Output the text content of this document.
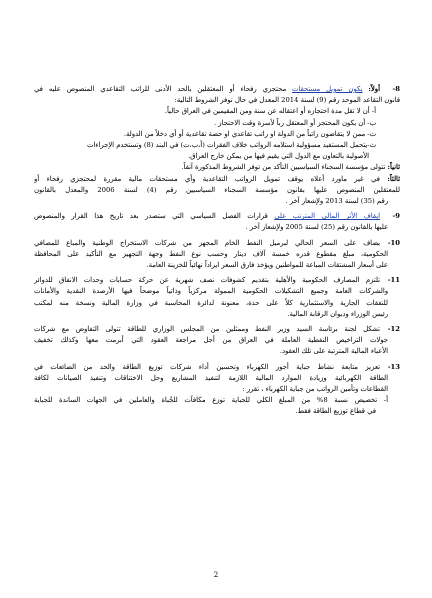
8-أولاً: يكون تمويل مستحقات محتجزي رفحاء أو المعتقلين بالحد الأدنى للراتب التقاعدي المنصوص عليه في
قانون التقاعد الموحد رقم (9) لسنة 2014 المعدل في حال توفر الشروط التالية:
أ- أن لا تقل مدة احتجازه أو اعتقاله عن سنة ومن المقيمين في العراق حالياً.
ب- أن يكون المحتجز أو المعتقل رباً لأسرة وقت الاحتجاز .
ت- ممن لا يتقاضون راتباً من الدولة او راتب تقاعدي او حصة تقاعدية أو أي دخلاً من الدولة.
ث-يتحمل المستفيد مسؤولية استلامه الرواتب خلاف الفقرات (أ،ب،ت) في البند (8) وتستخدم الإجراءات
الأصولية بالتعاون مع الدول التي يقيم فيها من يمكن خارج العراق.
ثانياً: تتولى مؤسسة السجناء السياسيين التأكد من توفر الشروط المذكورة آنفاً.
ثالثاً: في غير ماورد أعلاه يوقف تمويل الرواتب التقاعدية وأي مستحقات مالية مقررة لمحتجزي رفحاء أو
للمعتقلين المنصوص عليها بقانون مؤسسة السجناء السياسيين رقم (4) لسنة 2006 والمعدل بالقانون
رقم (35) لسنة 2013 ولإشعار آخر .
9-إيقاف الأثر المالي المترتب على قرارات الفصل السياسي التي ستصدر بعد تاريخ هذا القرار والمنصوص
عليها بالقانون رقم (25) لسنة 2005 ولإشعار آخر .
10-يضاف على السعر الحالي لبرميل النفط الخام المجهز من شركات الاستخراج الوطنية والمباع للمصافي
الحكومية، مبلغ مقطوع قدره خمسة آلاف دينار وحسب نوع النفط وجهة التجهيز مع التأكيد على المحافظة
على أسعار المشتقات المباعة للمواطنين ويؤخذ فارق السعر ايراداً نهائياً للخزينة العامة.
11-تلتزم المصارف الحكومية والأهلية بتقديم كشوفات نصف شهرية عن حركة حسابات وحدات الانفاق للدوائر
والشركات العامة وجميع التشكيلات الحكومية الممولة مركزياً وذاتياً موضحاً فيها الأرصدة النقدية والأمانات
للنفقات الجارية والاستثمارية كلاً على حدة، معنونة لدائرة المحاسبة في وزارة المالية ونسخة منه لمكتب
رئيس الوزراء وديوان الرقابة المالية.
12-تشكل لجنة برئاسة السيد وزير النفط وممثلين من المجلس الوزاري للطاقة تتولى التفاوض مع شركات
جولات التراخيص النفطية العاملة في العراق من أجل مراجعة العقود التي أبرمت معها وكذلك تخفيف
الأعباء المالية المترتبة على تلك العقود.
13-تعزيز متابعة نشاط جباية أجور الكهرباء وتحسين أداء شركات توزيع الطاقة والحد من الضائعات في
الطاقة الكهربائية وزيادة الموارد المالية اللازمة لتنفيذ المشاريع وحل الاختناقات وتنفيذ الصيانات لكافة
القطاعات وتأمين الرواتب من جباية الكهرباء ، تقرر :
أ- تخصيص نسبة 8% من المبلغ الكلي للجباية توزع مكافآت للجُباة والعاملين في الجهات الساندة للجباية
في قطاع توزيع الطاقة فقط.
2
